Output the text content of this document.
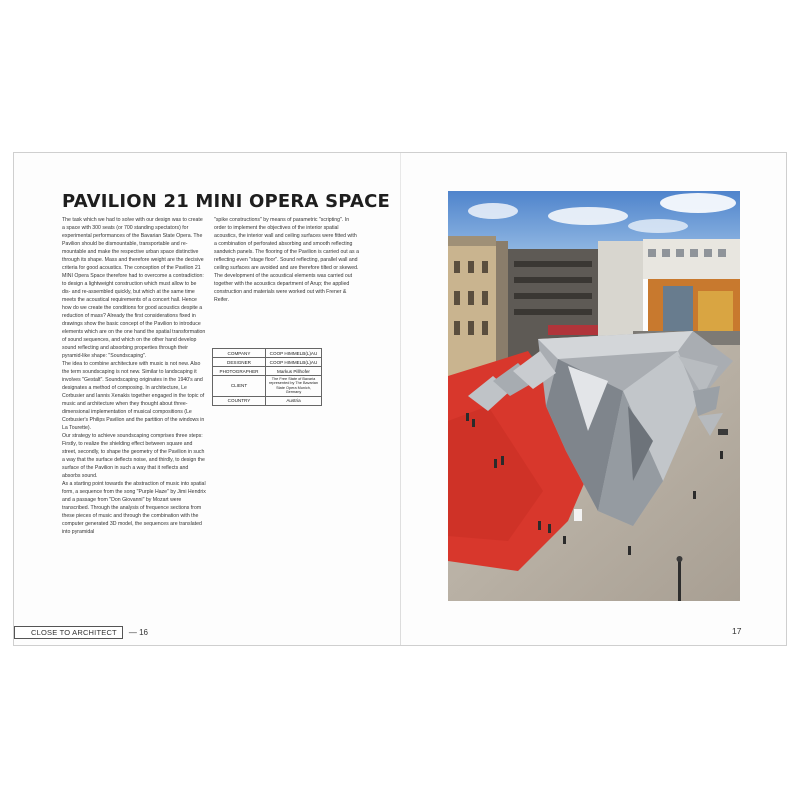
PAVILION 21 MINI OPERA SPACE

The task which we had to solve with our design was to create a space with 300 seats (or 700 standing spectators) for experimental performances of the Bavarian State Opera. The Pavilion should be dismountable, transportable and re-mountable and make the respective urban space distinctive through its shape. Mass and therefore weight are the decisive criteria for good acoustics. The conception of the Pavilion 21 MINI Opera Space therefore had to overcome a contradiction: to design a lightweight construction which must allow to be dis- and re-assembled quickly, but which at the same time meets the acoustical requirements of a concert hall. Hence how do we create the conditions for good acoustics despite a reduction of mass? Already the first considerations fixed in drawings show the basic concept of the Pavilion to introduce elements which are on the one hand the spatial transformation of sound sequences, and which on the other hand develop sound reflecting and absorbing properties through their pyramid-like shape: "Soundscaping".

The idea to combine architecture with music is not new. Also the term soundscaping is not new. Similar to landscaping it involves "Gestalt". Soundscaping originates in the 1940's and designates a method of composing. In architecture, Le Corbusier and Iannis Xenakis together engaged in the topic of music and architecture when they thought about three-dimensional implementation of musical compositions (Le Corbusier's Philips Pavilion and the partition of the windows in La Tourette).

Our strategy to achieve soundscaping comprises three steps: Firstly, to realize the shielding effect between square and street, secondly, to shape the geometry of the Pavilion in such a way that the surface deflects noise, and thirdly, to design the surface of the Pavilion in such a way that it reflects and absorbs sound.

As a starting point towards the abstraction of music into spatial form, a sequence from the song "Purple Haze" by Jimi Hendrix and a passage from "Don Giovanni" by Mozart were transcribed. Through the analysis of frequence sections from these pieces of music and through the combination with the computer generated 3D model, the sequences are translated into pyramidal

"spike constructions" by means of parametric "scripting". In order to implement the objectives of the interior spatial acoustics, the interior wall and ceiling surfaces were fitted with a combination of perforated absorbing and smooth reflecting sandwich panels. The flooring of the Pavilion is carried out as a reflecting even "stage floor". Sound reflecting, parallel wall and ceiling surfaces are avoided and are therefore tilted or skewed.

The development of the acoustical elements was carried out together with the acoustics department of Arup; the applied construction and materials were worked out with Frener & Reifer.

COMPANY	COOP HIMMELB(L)AU
DESIGNER	COOP HIMMELB(L)AU
PHOTOGRAPHER	Markus Pillhofer
CLIENT	The Free State of Bavaria represented by The Bavarian State Opera Munich, Germany
COUNTRY	Austria
CLOSE TO ARCHITECT	— 16	17
